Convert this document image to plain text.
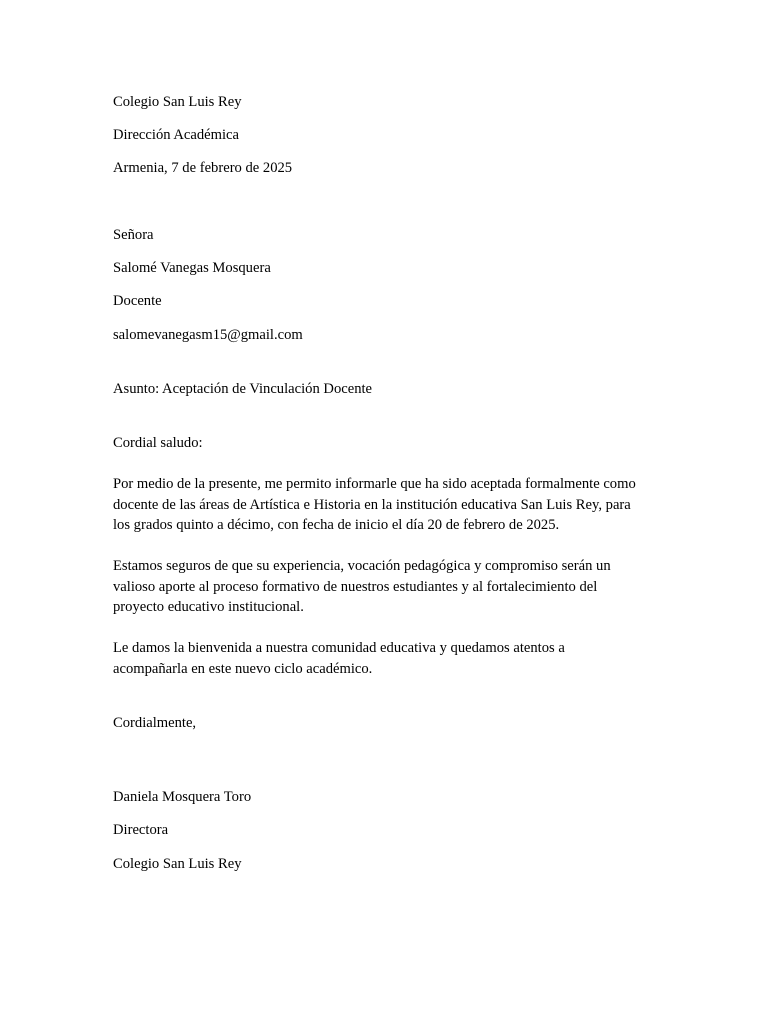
Colegio San Luis Rey
Dirección Académica
Armenia, 7 de febrero de 2025
Señora
Salomé Vanegas Mosquera
Docente
salomevanegasm15@gmail.com
Asunto: Aceptación de Vinculación Docente
Cordial saludo:
Por medio de la presente, me permito informarle que ha sido aceptada formalmente como
docente de las áreas de Artística e Historia en la institución educativa San Luis Rey, para
los grados quinto a décimo, con fecha de inicio el día 20 de febrero de 2025.
Estamos seguros de que su experiencia, vocación pedagógica y compromiso serán un
valioso aporte al proceso formativo de nuestros estudiantes y al fortalecimiento del
proyecto educativo institucional.
Le damos la bienvenida a nuestra comunidad educativa y quedamos atentos a
acompañarla en este nuevo ciclo académico.
Cordialmente,
Daniela Mosquera Toro
Directora
Colegio San Luis Rey
